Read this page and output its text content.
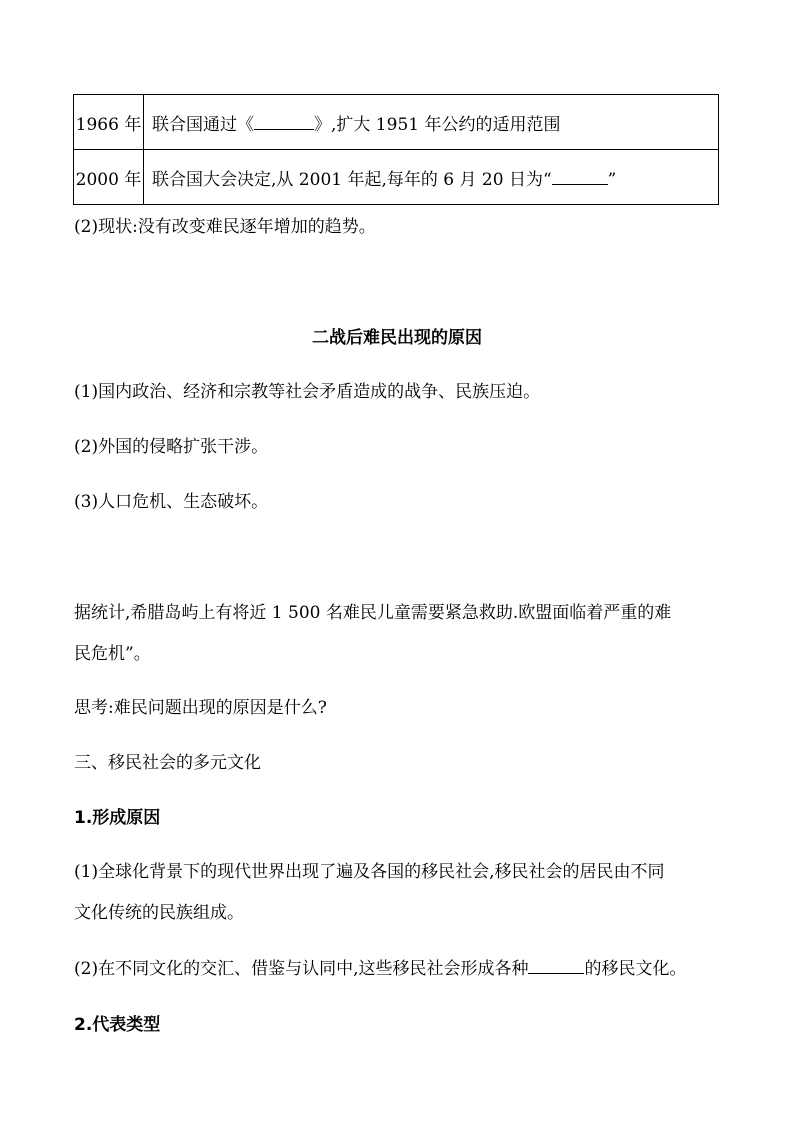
1966 年	联合国通过《 》,扩大 1951 年公约的适用范围
2000 年	联合国大会决定,从 2001 年起,每年的 6 月 20 日为“ ”
(2)现状:没有改变难民逐年增加的趋势。
二战后难民出现的原因
(1)国内政治、经济和宗教等社会矛盾造成的战争、民族压迫。
(2)外国的侵略扩张干涉。
(3)人口危机、生态破坏。
据统计,希腊岛屿上有将近 1 500 名难民儿童需要紧急救助.欧盟面临着严重的难
民危机”。
思考:难民问题出现的原因是什么?
三、移民社会的多元文化
1.形成原因
(1)全球化背景下的现代世界出现了遍及各国的移民社会,移民社会的居民由不同
文化传统的民族组成。
(2)在不同文化的交汇、借鉴与认同中,这些移民社会形成各种	的移民文化。
2.代表类型
